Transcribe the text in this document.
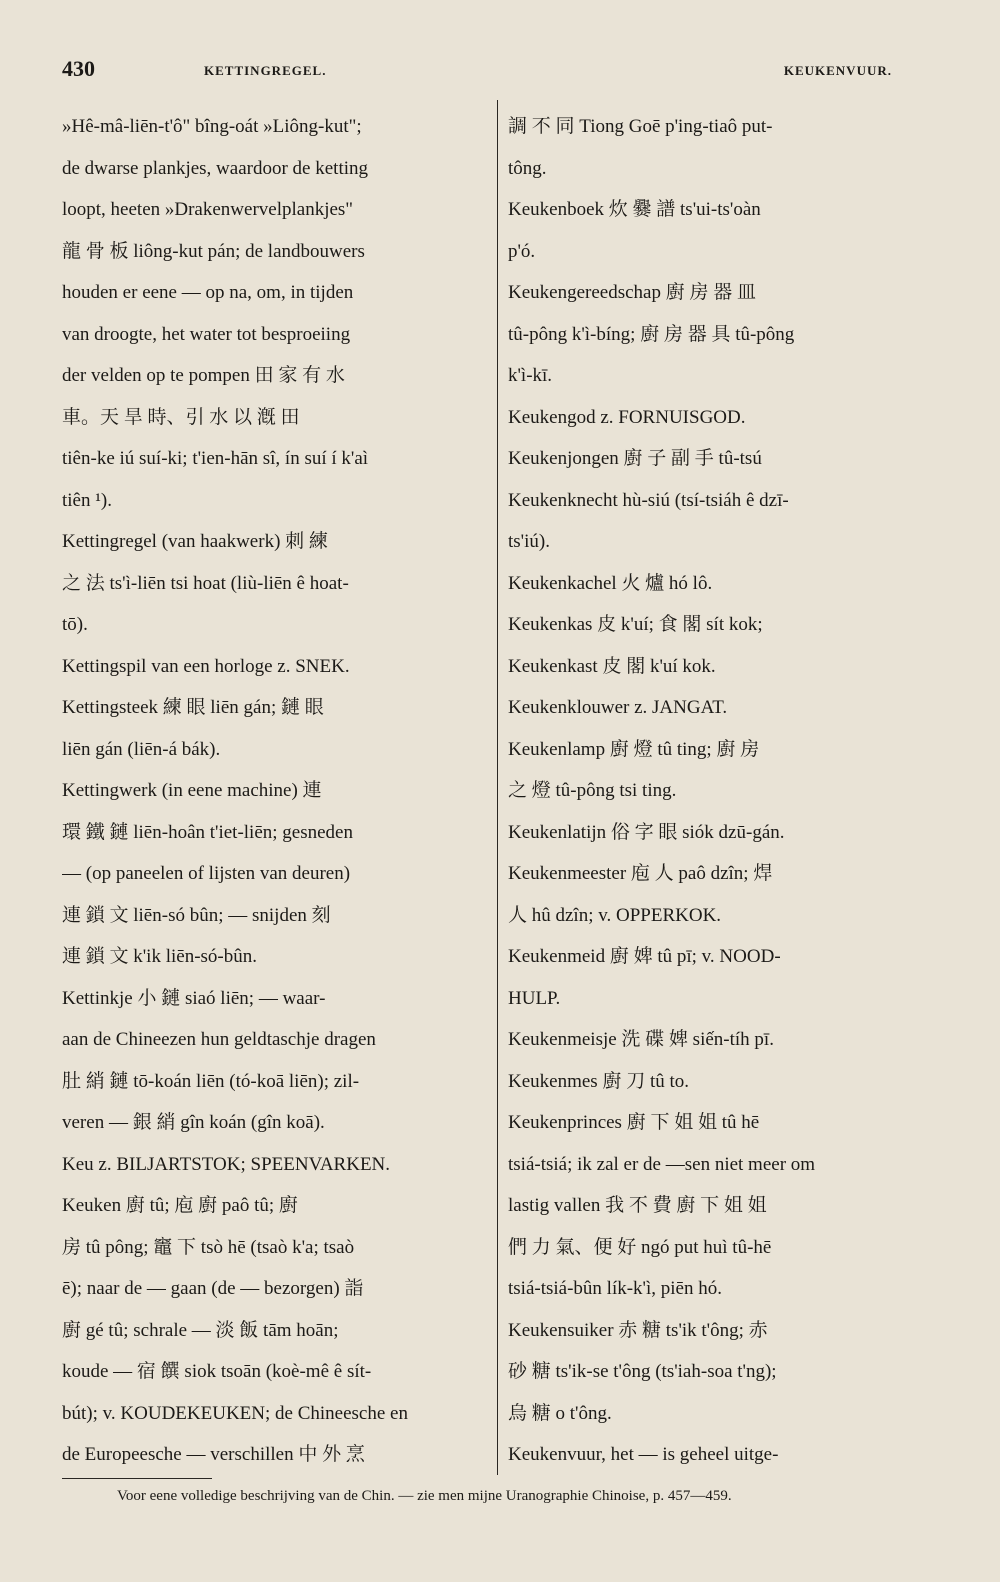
430	KETTINGREGEL.	KEUKENVUUR.
»Hê-mâ-liēn-t'ô" bîng-oát »Liông-kut";
de dwarse plankjes, waardoor de ketting
loopt, heeten »Drakenwervelplankjes"
龍 骨 板 liông-kut pán; de landbouwers
houden er eene — op na, om, in tijden
van droogte, het water tot besproeiing
der velden op te pompen 田 家 有 水
車。天 旱 時、引 水 以 漑 田
tiên-ke iú suí-ki; t'ien-hān sî, ín suí í k'aì
tiên ¹).
Kettingregel (van haakwerk) 刺 練
之 法 ts'ì-liēn tsi hoat (liù-liēn ê hoat-
tō).
Kettingspil van een horloge z. SNEK.
Kettingsteek 練 眼 liēn gán; 鏈 眼
liēn gán (liēn-á bák).
Kettingwerk (in eene machine) 連
環 鐵 鏈 liēn-hoân t'iet-liēn; gesneden
— (op paneelen of lijsten van deuren)
連 鎖 文 liēn-só bûn; — snijden 刻
連 鎖 文 k'ik liēn-só-bûn.
Kettinkje 小 鏈 siaó liēn; — waar-
aan de Chineezen hun geldtaschje dragen
肚 綃 鏈 tō-koán liēn (tó-koā liēn); zil-
veren — 銀 綃 gîn koán (gîn koā).
Keu z. BILJARTSTOK; SPEENVARKEN.
Keuken 廚 tû; 庖 廚 paô tû; 廚
房 tû pông; 竈 下 tsò hē (tsaò k'a; tsaò
ē); naar de — gaan (de — bezorgen) 詣
廚 gé tû; schrale — 淡 飯 tām hoān;
koude — 宿 饌 siok tsoān (koè-mê ê sít-
bút); v. KOUDEKEUKEN; de Chineesche en
de Europeesche — verschillen 中 外 烹
調 不 同 Tiong Goē p'ing-tiaô put-
tông.
Keukenboek 炊 爨 譜 ts'ui-ts'oàn
p'ó.
Keukengereedschap 廚 房 器 皿
tû-pông k'ì-bíng; 廚 房 器 具 tû-pông
k'ì-kī.
Keukengod z. FORNUISGOD.
Keukenjongen 廚 子 副 手 tû-tsú
Keukenknecht hù-siú (tsí-tsiáh ê dzī-
ts'iú).
Keukenkachel 火 爐 hó lô.
Keukenkas 皮 k'uí; 食 閣 sít kok;
Keukenkast 皮 閣 k'uí kok.
Keukenklouwer z. JANGAT.
Keukenlamp 廚 燈 tû ting; 廚 房
之 燈 tû-pông tsi ting.
Keukenlatijn 俗 字 眼 siók dzū-gán.
Keukenmeester 庖 人 paô dzîn; 焊
人 hû dzîn; v. OPPERKOK.
Keukenmeid 廚 婢 tû pī; v. NOOD-
HULP.
Keukenmeisje 洗 碟 婢 siến-tíh pī.
Keukenmes 廚 刀 tû to.
Keukenprinces 廚 下 姐 姐 tû hē
tsiá-tsiá; ik zal er de —sen niet meer om
lastig vallen 我 不 費 廚 下 姐 姐
們 力 氣、便 好 ngó put huì tû-hē
tsiá-tsiá-bûn lík-k'ì, piēn hó.
Keukensuiker 赤 糖 ts'ik t'ông; 赤
砂 糖 ts'ik-se t'ông (ts'iah-soa t'ng);
烏 糖 o t'ông.
Keukenvuur, het — is geheel uitge-
Voor eene volledige beschrijving van de Chin. — zie men mijne Uranographie Chinoise, p. 457—459.
